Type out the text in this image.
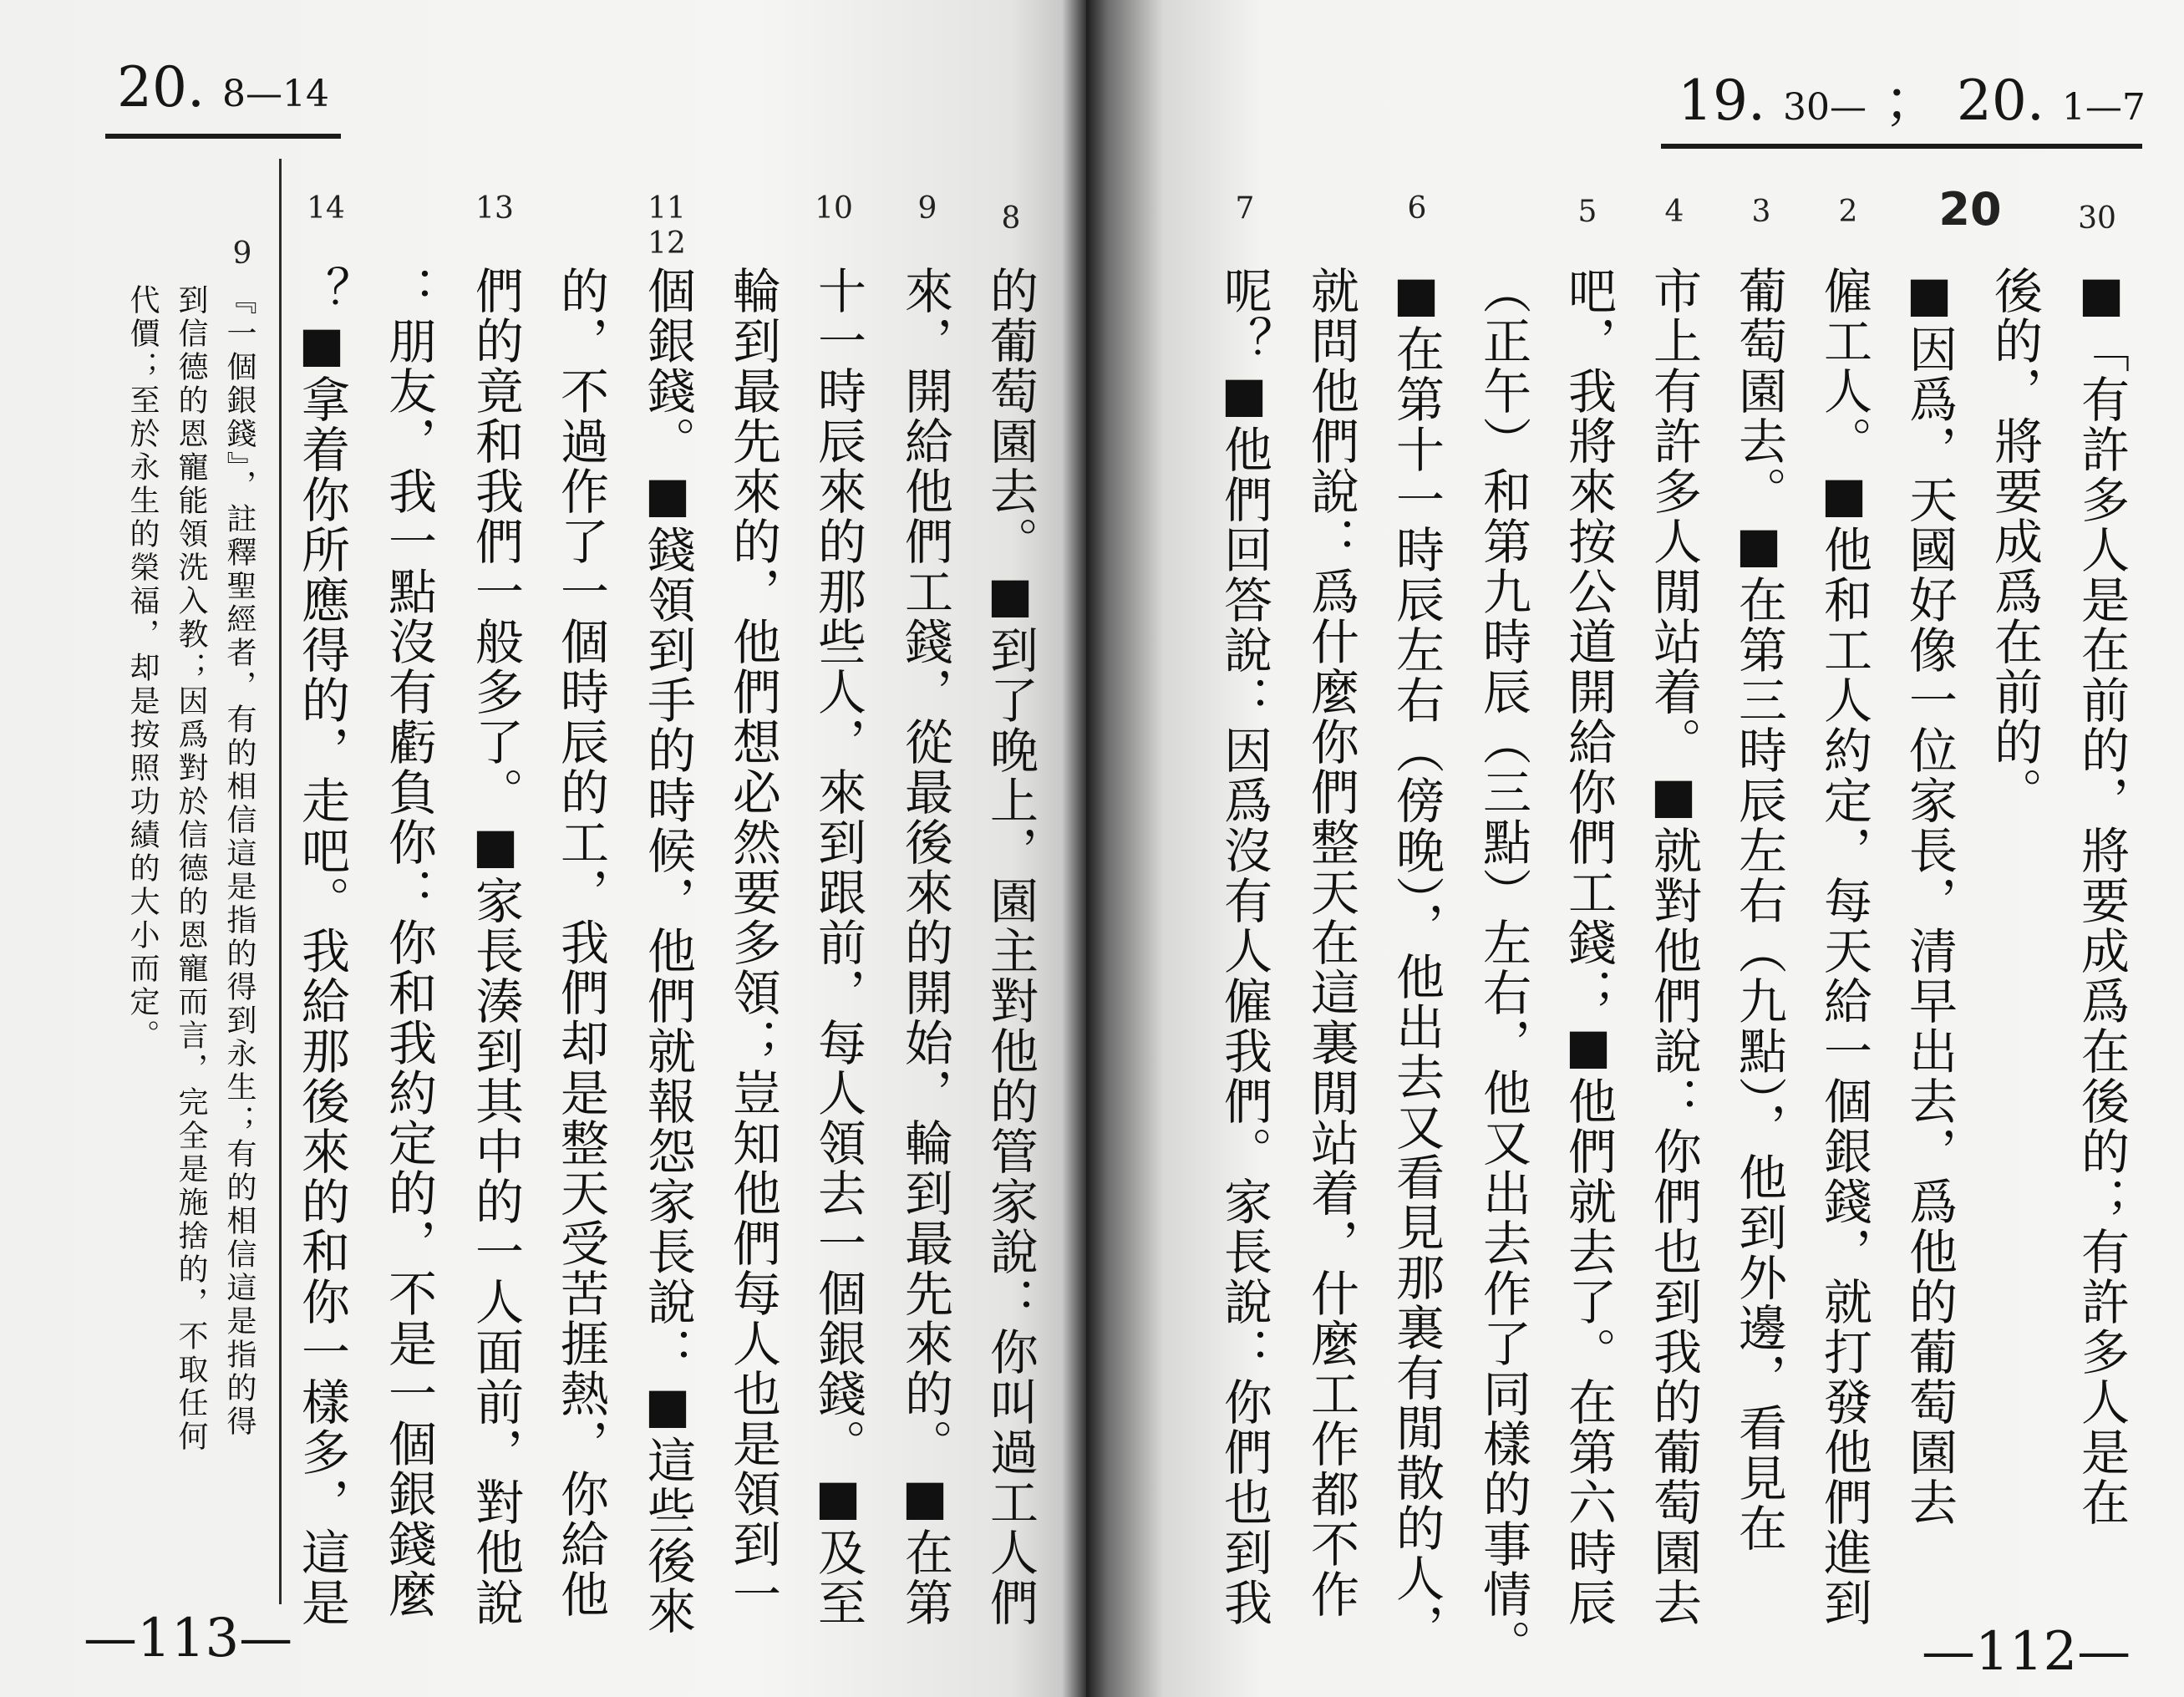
20. 8—14
8
9
10
11
12
13
14
的葡萄園去。■到了晚上，園主對他的管家說：你叫過工人們
來，開給他們工錢，從最後來的開始，輪到最先來的。■在第
十一時辰來的那些人，來到跟前，每人領去一個銀錢。■及至
輪到最先來的，他們想必然要多領；豈知他們每人也是領到一
個銀錢。■錢領到手的時候，他們就報怨家長說：■這些後來
的，不過作了一個時辰的工，我們却是整天受苦捱熱，你給他
們的竟和我們一般多了。■家長湊到其中的一人面前，對他說
：朋友，我一點沒有虧負你：你和我約定的，不是一個銀錢麼
？■拿着你所應得的，走吧。我給那後來的和你一樣多，這是
9
『一個銀錢』，註釋聖經者，有的相信這是指的得到永生；有的相信這是指的得
到信德的恩寵能領洗入教；因爲對於信德的恩寵而言，完全是施捨的，不取任何
代價；至於永生的榮福，却是按照功績的大小而定。
—113—
19. 30— ； 20. 1—7
30
20
2
3
4
5
6
7
■「有許多人是在前的，將要成爲在後的；有許多人是在
後的，將要成爲在前的。
■因爲，天國好像一位家長，清早出去，爲他的葡萄園去
僱工人。■他和工人約定，每天給一個銀錢，就打發他們進到
葡萄園去。■在第三時辰左右（九點），他到外邊，看見在
市上有許多人閒站着。■就對他們說：你們也到我的葡萄園去
吧，我將來按公道開給你們工錢；■他們就去了。在第六時辰
（正午）和第九時辰（三點）左右，他又出去作了同樣的事情。
■在第十一時辰左右（傍晚），他出去又看見那裏有閒散的人，
就問他們說：爲什麼你們整天在這裏閒站着，什麼工作都不作
呢？■他們回答說：因爲沒有人僱我們。家長說：你們也到我
—112—
